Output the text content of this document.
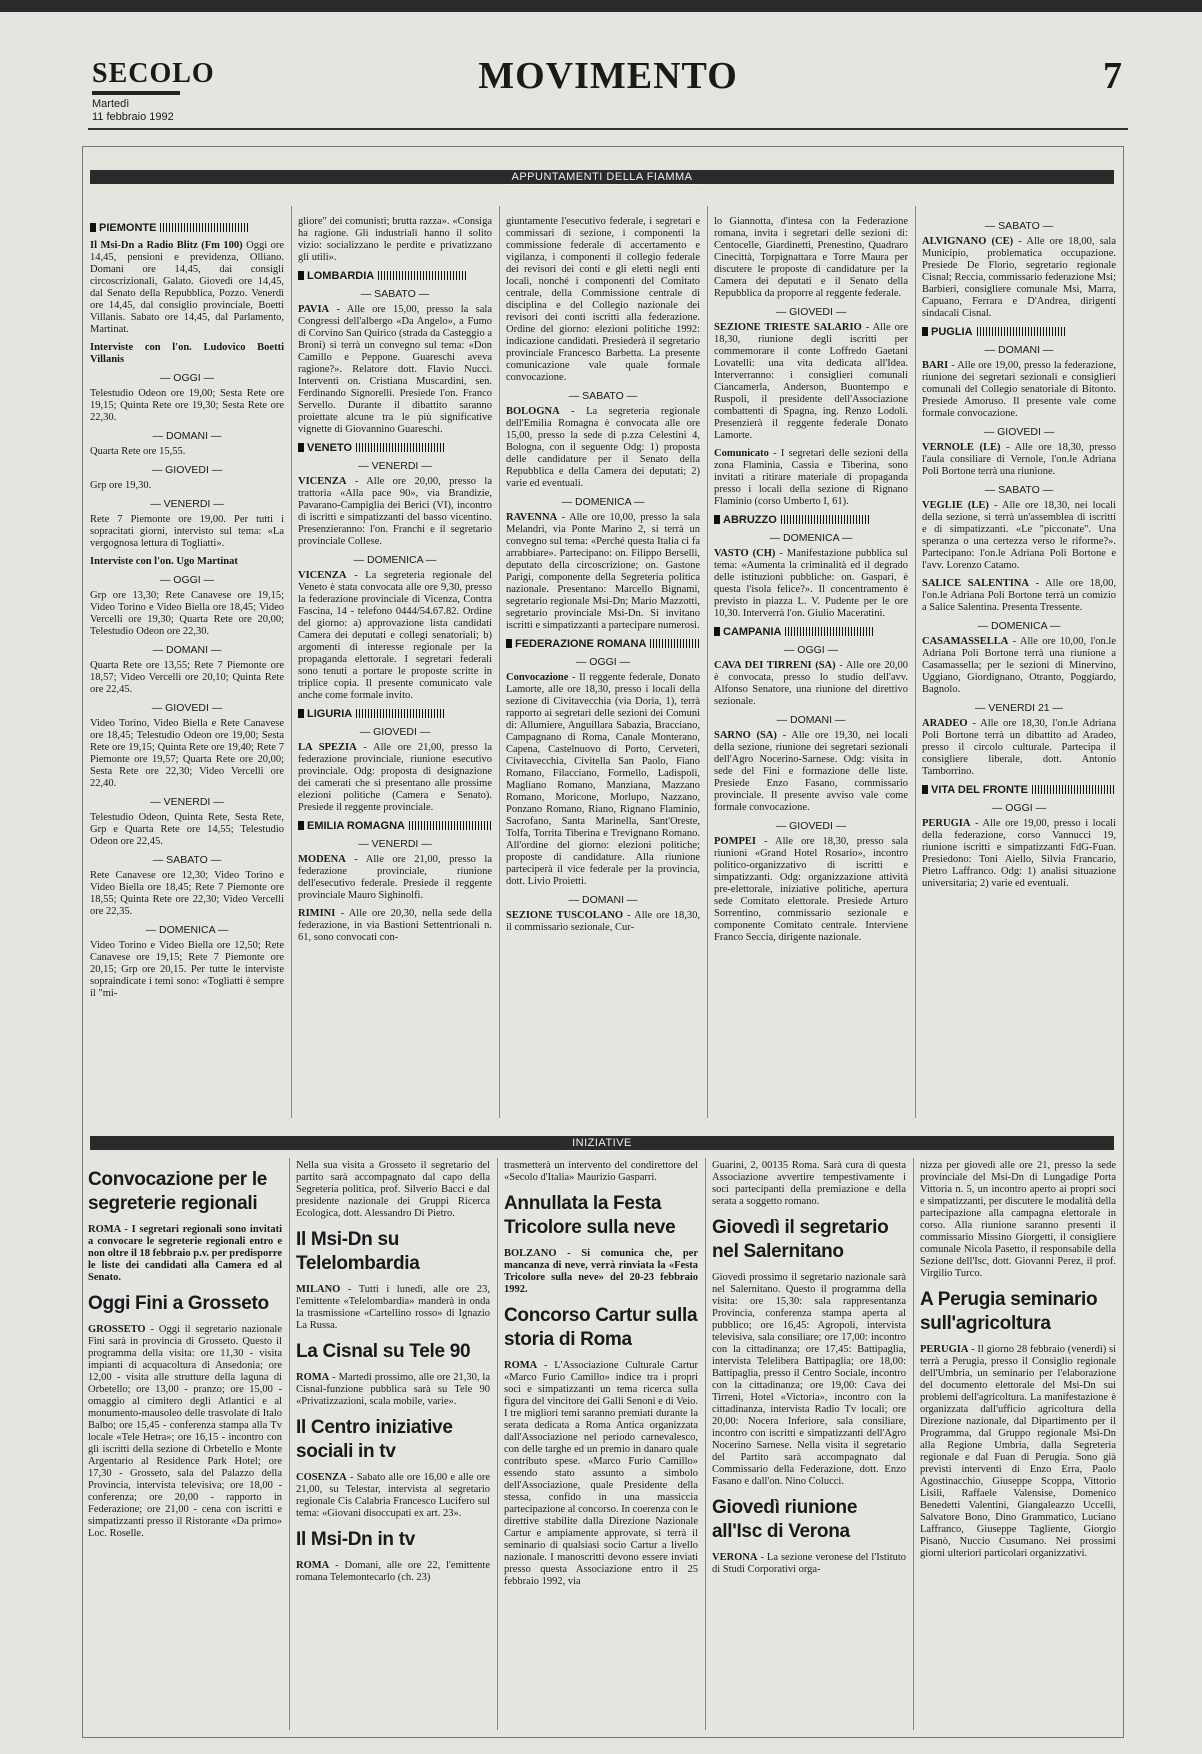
SECOLO
Martedì
11 febbraio 1992
MOVIMENTO	7
APPUNTAMENTI DELLA FIAMMA
PIEMONTE

Il Msi-Dn a Radio Blitz (Fm 100) Oggi ore 14,45, pensioni e previdenza, Olliano. Domani ore 14,45, dai consigli circoscrizionali, Galato. Giovedì ore 14,45, dal Senato della Repubblica, Pozzo. Venerdì ore 14,45, dal consiglio provinciale, Boetti Villanis. Sabato ore 14,45, dal Parlamento, Martinat.

Interviste con l'on. Ludovico Boetti Villanis

— OGGI —

Telestudio Odeon ore 19,00; Sesta Rete ore 19,15; Quinta Rete ore 19,30; Sesta Rete ore 22,30.

— DOMANI —

Quarta Rete ore 15,55.

— GIOVEDI —

Grp ore 19,30.

— VENERDI —

Rete 7 Piemonte ore 19,00. Per tutti i sopracitati giorni, intervisto sul tema: «La vergognosa lettura di Togliatti».

Interviste con l'on. Ugo Martinat

— OGGI —

Grp ore 13,30; Rete Canavese ore 19,15; Video Torino e Video Biella ore 18,45; Video Vercelli ore 19,30; Quarta Rete ore 20,00; Telestudio Odeon ore 22,30.

— DOMANI —

Quarta Rete ore 13,55; Rete 7 Piemonte ore 18,57; Video Vercelli ore 20,10; Quinta Rete ore 22,45.

— GIOVEDI —

Video Torino, Video Biella e Rete Canavese ore 18,45; Telestudio Odeon ore 19,00; Sesta Rete ore 19,15; Quinta Rete ore 19,40; Rete 7 Piemonte ore 19,57; Quarta Rete ore 20,00; Sesta Rete ore 22,30; Video Vercelli ore 22,40.

— VENERDI —

Telestudio Odeon, Quinta Rete, Sesta Rete, Grp e Quarta Rete ore 14,55; Telestudio Odeon ore 22,45.

— SABATO —

Rete Canavese ore 12,30; Video Torino e Video Biella ore 18,45; Rete 7 Piemonte ore 18,55; Quinta Rete ore 22,30; Video Vercelli ore 22,35.

— DOMENICA —

Video Torino e Video Biella ore 12,50; Rete Canavese ore 19,15; Rete 7 Piemonte ore 20,15; Grp ore 20,15. Per tutte le interviste sopraindicate i temi sono: «Togliatti è sempre il "mi-

gliore" dei comunisti; brutta razza». «Consiga ha ragione. Gli industriali hanno il solito vizio: socializzano le perdite e privatizzano gli utili».

LOMBARDIA
— SABATO —

PAVIA - Alle ore 15,00, presso la sala Congressi dell'albergo «Da Angelo», a Fumo di Corvino San Quirico (strada da Casteggio a Broni) si terrà un convegno sul tema: «Don Camillo e Peppone. Guareschi aveva ragione?». Relatore dott. Flavio Nucci. Interventi on. Cristiana Muscardini, sen. Ferdinando Signorelli. Presiede l'on. Franco Servello. Durante il dibattito saranno proiettate alcune tra le più significative vignette di Giovannino Guareschi.

VENETO
— VENERDI —

VICENZA - Alle ore 20,00, presso la trattoria «Alla pace 90», via Brandizie, Pavarano-Campiglia dei Berici (VI), incontro di iscritti e simpatizzanti del basso vicentino. Presenzieranno: l'on. Franchi e il segretario provinciale Collese.

— DOMENICA —

VICENZA - La segreteria regionale del Veneto è stata convocata alle ore 9,30, presso la federazione provinciale di Vicenza, Contra Fascina, 14 - telefono 0444/54.67.82. Ordine del giorno: a) approvazione lista candidati Camera dei deputati e collegi senatoriali; b) argomenti di interesse regionale per la propaganda elettorale. I segretari federali sono tenuti a portare le proposte scritte in triplice copia. Il presente comunicato vale anche come formale invito.

LIGURIA
— GIOVEDI —

LA SPEZIA - Alle ore 21,00, presso la federazione provinciale, riunione esecutivo provinciale. Odg: proposta di designazione dei camerati che si presentano alle prossime elezioni politiche (Camera e Senato). Presiede il reggente provinciale.

EMILIA ROMAGNA
— VENERDI —

MODENA - Alle ore 21,00, presso la federazione provinciale, riunione dell'esecutivo federale. Presiede il reggente provinciale Mauro Sighinolfi.

RIMINI - Alle ore 20,30, nella sede della federazione, in via Bastioni Settentrionali n. 61, sono convocati con-

giuntamente l'esecutivo federale, i segretari e commissari di sezione, i componenti la commissione federale di accertamento e vigilanza, i componenti il collegio federale dei revisori dei conti e gli eletti negli enti locali, nonché i componenti del Comitato centrale, della Commissione centrale di disciplina e del Collegio nazionale dei revisori dei conti iscritti alla federazione. Ordine del giorno: elezioni politiche 1992: indicazione candidati. Presiederà il segretario provinciale Francesco Barbetta. La presente comunicazione vale quale formale convocazione.

— SABATO —

BOLOGNA - La segreteria regionale dell'Emilia Romagna è convocata alle ore 15,00, presso la sede di p.zza Celestini 4, Bologna, con il seguente Odg: 1) proposta delle candidature per il Senato della Repubblica e della Camera dei deputati; 2) varie ed eventuali.

— DOMENICA —

RAVENNA - Alle ore 10,00, presso la sala Melandri, via Ponte Marino 2, si terrà un convegno sul tema: «Perché questa Italia ci fa arrabbiare». Partecipano: on. Filippo Berselli, deputato della circoscrizione; on. Gastone Parigi, componente della Segreteria politica nazionale. Presentano: Marcello Bignami, segretario regionale Msi-Dn; Mario Mazzotti, segretario provinciale Msi-Dn. Si invitano iscritti e simpatizzanti a partecipare numerosi.

FEDERAZIONE ROMANA
— OGGI —

Convocazione - Il reggente federale, Donato Lamorte, alle ore 18,30, presso i locali della sezione di Civitavecchia (via Doria, 1), terrà rapporto ai segretari delle sezioni dei Comuni di: Allumiere, Anguillara Sabazia, Bracciano, Campagnano di Roma, Canale Monterano, Capena, Castelnuovo di Porto, Cerveteri, Civitavecchia, Civitella San Paolo, Fiano Romano, Filacciano, Formello, Ladispoli, Magliano Romano, Manziana, Mazzano Romano, Moricone, Morlupo, Nazzano, Ponzano Romano, Riano, Rignano Flaminio, Sacrofano, Santa Marinella, Sant'Oreste, Tolfa, Torrita Tiberina e Trevignano Romano. All'ordine del giorno: elezioni politiche; proposte di candidature. Alla riunione parteciperà il vice federale per la provincia, dott. Livio Proietti.

— DOMANI —

SEZIONE TUSCOLANO - Alle ore 18,30, il commissario sezionale, Cur-

lo Giannotta, d'intesa con la Federazione romana, invita i segretari delle sezioni di: Centocelle, Giardinetti, Prenestino, Quadraro Cinecittà, Torpignattara e Torre Maura per discutere le proposte di candidature per la Camera dei deputati e il Senato della Repubblica da proporre al reggente federale.

— GIOVEDI —

SEZIONE TRIESTE SALARIO - Alle ore 18,30, riunione degli iscritti per commemorare il conte Loffredo Gaetani Lovatelli: una vita dedicata all'Idea. Interverranno: i consiglieri comunali Ciancamerla, Anderson, Buontempo e Ruspoli, il presidente dell'Associazione combattenti di Spagna, ing. Renzo Lodoli. Presenzierà il reggente federale Donato Lamorte.

Comunicato - I segretari delle sezioni della zona Flaminia, Cassia e Tiberina, sono invitati a ritirare materiale di propaganda presso i locali della sezione di Rignano Flaminio (corso Umberto I, 61).

ABRUZZO
— DOMENICA —

VASTO (CH) - Manifestazione pubblica sul tema: «Aumenta la criminalità ed il degrado delle istituzioni pubbliche: on. Gaspari, è questa l'isola felice?». Il concentramento è previsto in piazza L. V. Pudente per le ore 10,30. Interverrà l'on. Giulio Maceratini.

CAMPANIA
— OGGI —

CAVA DEI TIRRENI (SA) - Alle ore 20,00 è convocata, presso lo studio dell'avv. Alfonso Senatore, una riunione del direttivo sezionale.

— DOMANI —

SARNO (SA) - Alle ore 19,30, nei locali della sezione, riunione dei segretari sezionali dell'Agro Nocerino-Sarnese. Odg: visita in sede del Fini e formazione delle liste. Presiede Enzo Fasano, commissario provinciale. Il presente avviso vale come formale convocazione.

— GIOVEDI —

POMPEI - Alle ore 18,30, presso sala riunioni «Grand Hotel Rosario», incontro politico-organizzativo di iscritti e simpatizzanti. Odg: organizzazione attività pre-elettorale, iniziative politiche, apertura sede Comitato elettorale. Presiede Arturo Sorrentino, commissario sezionale e componente Comitato centrale. Interviene Franco Seccia, dirigente nazionale.

— SABATO —

ALVIGNANO (CE) - Alle ore 18,00, sala Municipio, problematica occupazione. Presiede De Florio, segretario regionale Cisnal; Reccia, commissario federazione Msi; Barbieri, consigliere comunale Msi, Marra, Capuano, Ferrara e D'Andrea, dirigenti sindacali Cisnal.

PUGLIA
— DOMANI —

BARI - Alle ore 19,00, presso la federazione, riunione dei segretari sezionali e consiglieri comunali del Collegio senatoriale di Bitonto. Presiede Amoruso. Il presente vale come formale convocazione.

— GIOVEDI —

VERNOLE (LE) - Alle ore 18,30, presso l'aula consiliare di Vernole, l'on.le Adriana Poli Bortone terrà una riunione.

— SABATO —

VEGLIE (LE) - Alle ore 18,30, nei locali della sezione, si terrà un'assemblea di iscritti e di simpatizzanti. «Le "picconate". Una speranza o una certezza verso le riforme?». Partecipano: l'on.le Adriana Poli Bortone e l'avv. Lorenzo Catamo.

SALICE SALENTINA - Alle ore 18,00, l'on.le Adriana Poli Bortone terrà un comizio a Salice Salentina. Presenta Tressente.

— DOMENICA —

CASAMASSELLA - Alle ore 10,00, l'on.le Adriana Poli Bortone terrà una riunione a Casamassella; per le sezioni di Minervino, Uggiano, Giordignano, Otranto, Poggiardo, Bagnolo.

— VENERDI 21 —

ARADEO - Alle ore 18,30, l'on.le Adriana Poli Bortone terrà un dibattito ad Aradeo, presso il circolo culturale. Partecipa il consigliere liberale, dott. Antonio Tamborrino.

VITA DEL FRONTE
— OGGI —

PERUGIA - Alle ore 19,00, presso i locali della federazione, corso Vannucci 19, riunione iscritti e simpatizzanti FdG-Fuan. Presiedono: Toni Aiello, Silvia Francario, Pietro Laffranco. Odg: 1) analisi situazione universitaria; 2) varie ed eventuali.

INIZIATIVE
Convocazione per le segreterie regionali

ROMA - I segretari regionali sono invitati a convocare le segreterie regionali entro e non oltre il 18 febbraio p.v. per predisporre le liste dei candidati alla Camera ed al Senato.

Oggi Fini a Grosseto

GROSSETO - Oggi il segretario nazionale Fini sarà in provincia di Grosseto. Questo il programma della visita: ore 11,30 - visita impianti di acquacoltura di Ansedonia; ore 12,00 - visita alle strutture della laguna di Orbetello; ore 13,00 - pranzo; ore 15,00 - omaggio al cimitero degli Atlantici e al monumento-mausoleo delle trasvolate di Italo Balbo; ore 15,45 - conferenza stampa alla Tv locale «Tele Hetra»; ore 16,15 - incontro con gli iscritti della sezione di Orbetello e Monte Argentario al Residence Park Hotel; ore 17,30 - Grosseto, sala del Palazzo della Provincia, intervista televisiva; ore 18,00 - conferenza; ore 20,00 - rapporto in Federazione; ore 21,00 - cena con iscritti e simpatizzanti presso il Ristorante «Da primo» Loc. Roselle.

Nella sua visita a Grosseto il segretario del partito sarà accompagnato dal capo della Segreteria politica, prof. Silverio Bacci e dal presidente nazionale dei Gruppi Ricerca Ecologica, dott. Alessandro Di Pietro.

Il Msi-Dn su Telelombardia

MILANO - Tutti i lunedì, alle ore 23, l'emittente «Telelombardia» manderà in onda la trasmissione «Cartellino rosso» di Ignazio La Russa.

La Cisnal su Tele 90

ROMA - Martedì prossimo, alle ore 21,30, la Cisnal-funzione pubblica sarà su Tele 90 «Privatizzazioni, scala mobile, varie».

Il Centro iniziative sociali in tv

COSENZA - Sabato alle ore 16,00 e alle ore 21,00, su Telestar, intervista al segretario regionale Cis Calabria Francesco Lucifero sul tema: «Giovani disoccupati ex art. 23».

Il Msi-Dn in tv

ROMA - Domani, alle ore 22, l'emittente romana Telemontecarlo (ch. 23)

trasmetterà un intervento del condirettore del «Secolo d'Italia» Maurizio Gasparri.

Annullata la Festa Tricolore sulla neve

BOLZANO - Si comunica che, per mancanza di neve, verrà rinviata la «Festa Tricolore sulla neve» del 20-23 febbraio 1992.

Concorso Cartur sulla storia di Roma

ROMA - L'Associazione Culturale Cartur «Marco Furio Camillo» indice tra i propri soci e simpatizzanti un tema ricerca sulla figura del vincitore dei Galli Senoni e di Veio. I tre migliori temi saranno premiati durante la serata dedicata a Roma Antica organizzata dall'Associazione nel periodo carnevalesco, con delle targhe ed un premio in danaro quale contributo spese. «Marco Furio Camillo» essendo stato assunto a simbolo dell'Associazione, quale Presidente della stessa, confido in una massiccia partecipazione al concorso. In coerenza con le direttive stabilite dalla Direzione Nazionale Cartur e ampiamente approvate, si terrà il seminario di qualsiasi socio Cartur a livello nazionale. I manoscritti devono essere inviati presso questa Associazione entro il 25 febbraio 1992, via

Guarini, 2, 00135 Roma. Sarà cura di questa Associazione avvertire tempestivamente i soci partecipanti della premiazione e della serata a soggetto romano.

Giovedì il segretario nel Salernitano

Giovedì prossimo il segretario nazionale sarà nel Salernitano. Questo il programma della visita: ore 15,30: sala rappresentanza Provincia, conferenza stampa aperta al pubblico; ore 16,45: Agropoli, intervista televisiva, sala consiliare; ore 17,00: incontro con la cittadinanza; ore 17,45: Battipaglia, intervista Telelibera Battipaglia; ore 18,00: Battipaglia, presso il Centro Sociale, incontro con la cittadinanza; ore 19,00: Cava dei Tirreni, Hotel «Victoria», incontro con la cittadinanza, intervista Radio Tv locali; ore 20,00: Nocera Inferiore, sala consiliare, incontro con iscritti e simpatizzanti dell'Agro Nocerino Sarnese. Nella visita il segretario del Partito sarà accompagnato dal Commissario della Federazione, dott. Enzo Fasano e dall'on. Nino Colucci.

Giovedì riunione all'Isc di Verona

VERONA - La sezione veronese del l'Istituto di Studi Corporativi orga-

nizza per giovedì alle ore 21, presso la sede provinciale del Msi-Dn di Lungadige Porta Vittoria n. 5, un incontro aperto ai propri soci e simpatizzanti, per discutere le modalità della partecipazione alla campagna elettorale in corso. Alla riunione saranno presenti il commissario Missino Giorgetti, il consigliere comunale Nicola Pasetto, il responsabile della Sezione dell'Isc, dott. Giovanni Perez, il prof. Virgilio Turco.

A Perugia seminario sull'agricoltura

PERUGIA - Il giorno 28 febbraio (venerdì) si terrà a Perugia, presso il Consiglio regionale dell'Umbria, un seminario per l'elaborazione del documento elettorale del Msi-Dn sui problemi dell'agricoltura. La manifestazione è organizzata dall'ufficio agricoltura della Direzione nazionale, dal Dipartimento per il Programma, dal Gruppo regionale Msi-Dn alla Regione Umbria, dalla Segreteria regionale e dal Fuan di Perugia. Sono già previsti interventi di Enzo Erra, Paolo Agostinacchio, Giuseppe Scoppa, Vittorio Lisili, Raffaele Valensise, Domenico Benedetti Valentini, Giangaleazzo Uccelli, Salvatore Bono, Dino Grammatico, Luciano Laffranco, Giuseppe Tagliente, Giorgio Pisanò, Nuccio Cusumano. Nei prossimi giorni ulteriori particolari organizzativi.
